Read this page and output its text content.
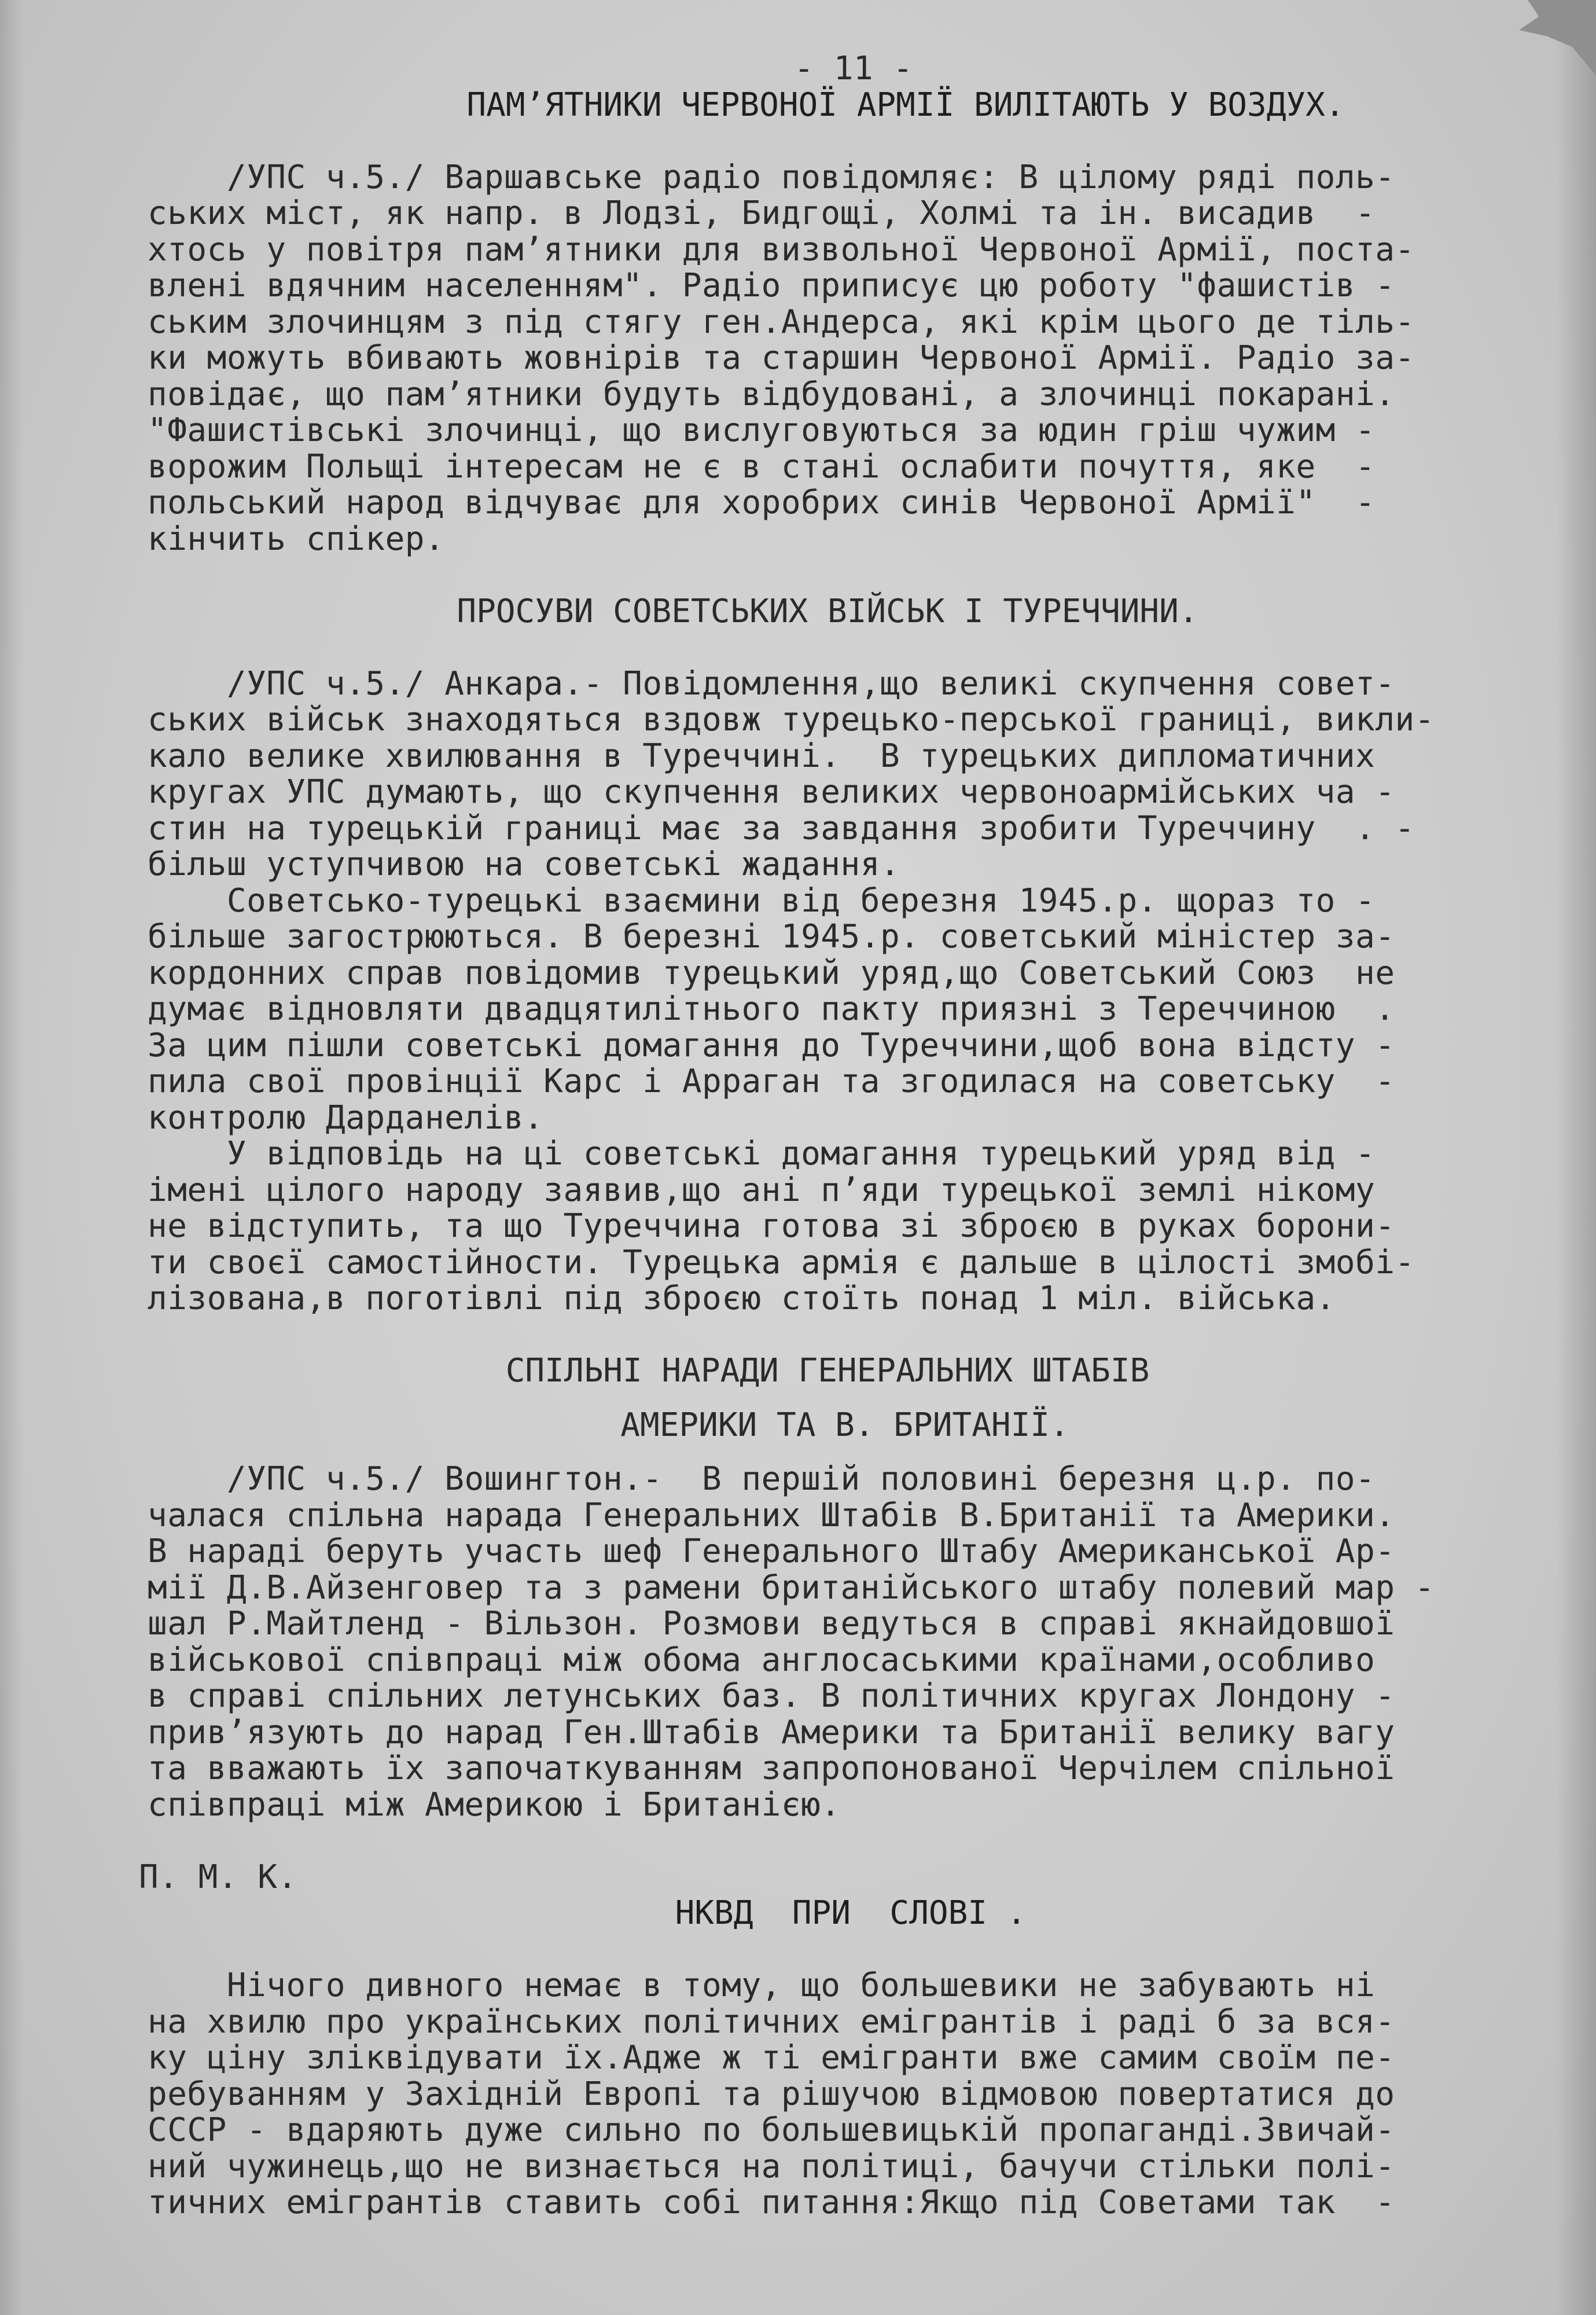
- 11 -
ПАМ’ЯТНИКИ ЧЕРВОНОЇ АРМІЇ ВИЛІТАЮТЬ У ВОЗДУХ.
/УПС ч.5./ Варшавське радіо повідомляє: В цілому ряді поль-
ських міст, як напр. в Лодзі, Бидгощі, Холмі та ін. висадив  -
хтось у повітря пам’ятники для визвольної Червоної Армії, поста-
влені вдячним населенням". Радіо приписує цю роботу "фашистів -
ським злочинцям з під стягу ген.Андерса, які крім цього де тіль-
ки можуть вбивають жовнірів та старшин Червоної Армії. Радіо за-
повідає, що пам’ятники будуть відбудовані, а злочинці покарані.
"Фашистівські злочинці, що вислуговуються за юдин гріш чужим -
ворожим Польщі інтересам не є в стані ослабити почуття, яке  -
польський народ відчуває для хоробрих синів Червоної Армії"  -
кінчить спікер.
ПРОСУВИ СОВЕТСЬКИХ ВІЙСЬК І ТУРЕЧЧИНИ.
/УПС ч.5./ Анкара.- Повідомлення,що великі скупчення совет-
ських військ знаходяться вздовж турецько-перської границі, викли-
кало велике хвилювання в Туреччині.  В турецьких дипломатичних
кругах УПС думають, що скупчення великих червоноармійських ча -
стин на турецькій границі має за завдання зробити Туреччину  . -
більш уступчивою на советські жадання.
Советсько-турецькі взаємини від березня 1945.р. щораз то -
більше загострюються. В березні 1945.р. советський міністер за-
кордонних справ повідомив турецький уряд,що Советський Союз  не
думає відновляти двадцятилітнього пакту приязні з Тереччиною  .
За цим пішли советські домагання до Туреччини,щоб вона відсту -
пила свої провінції Карс і Арраган та згодилася на советську  -
контролю Дарданелів.
У відповідь на ці советські домагання турецький уряд від -
імені цілого народу заявив,що ані п’яди турецької землі нікому
не відступить, та що Туреччина готова зі зброєю в руках борони-
ти своєї самостійности. Турецька армія є дальше в цілості змобі-
лізована,в поготівлі під зброєю стоїть понад 1 міл. війська.
СПІЛЬНІ НАРАДИ ГЕНЕРАЛЬНИХ ШТАБІВ
АМЕРИКИ ТА В. БРИТАНІЇ.
/УПС ч.5./ Вошингтон.-  В першій половині березня ц.р. по-
чалася спільна нарада Генеральних Штабів В.Британії та Америки.
В нараді беруть участь шеф Генерального Штабу Американської Ар-
мії Д.В.Айзенговер та з рамени британійського штабу полевий мар -
шал Р.Майтленд - Вільзон. Розмови ведуться в справі якнайдовшої
військової співпраці між обома англосаськими країнами,особливо
в справі спільних летунських баз. В політичних кругах Лондону -
прив’язують до нарад Ген.Штабів Америки та Британії велику вагу
та вважають їх започаткуванням запропонованої Черчілем спільної
співпраці між Америкою і Британією.
П. М. К.
НКВД  ПРИ  СЛОВІ .
Нічого дивного немає в тому, що большевики не забувають ні
на хвилю про українських політичних емігрантів і раді б за вся-
ку ціну зліквідувати їх.Адже ж ті емігранти вже самим своїм пе-
ребуванням у Західній Европі та рішучою відмовою повертатися до
СССР - вдаряють дуже сильно по большевицькій пропаганді.Звичай-
ний чужинець,що не визнається на політиці, бачучи стільки полі-
тичних емігрантів ставить собі питання:Якщо під Советами так  -
